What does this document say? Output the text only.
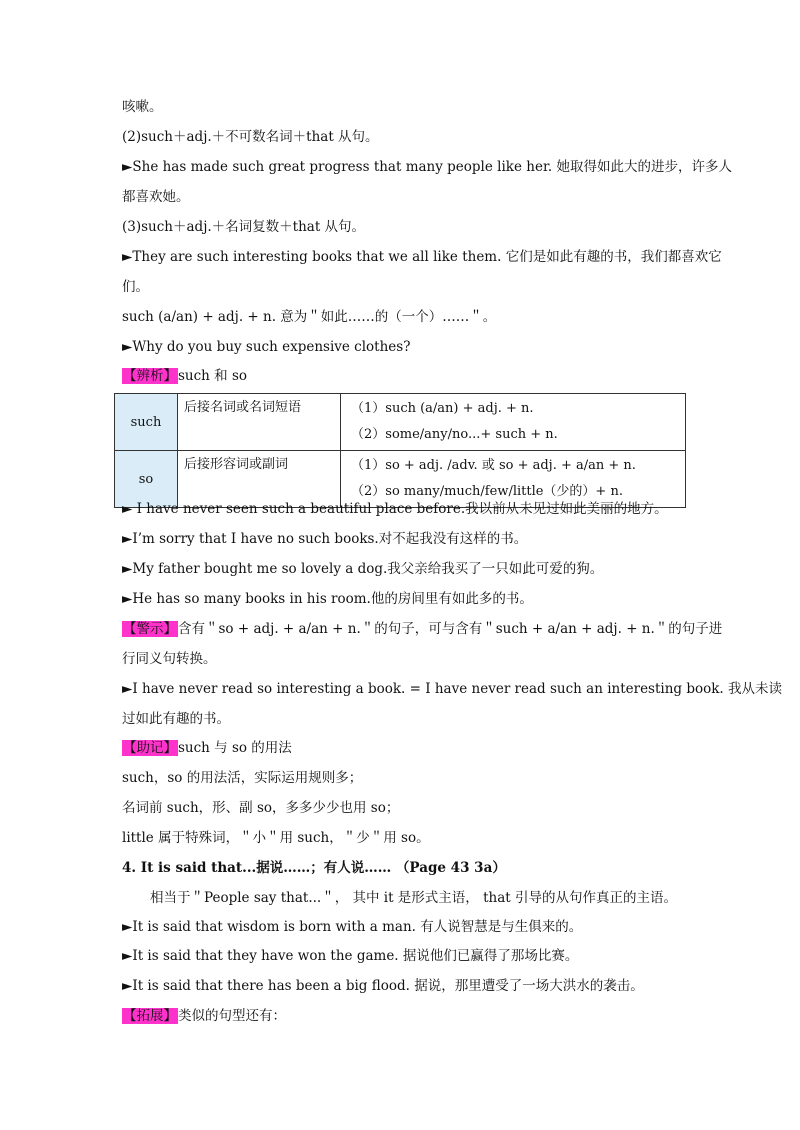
咳嗽。
(2)such＋adj.＋不可数名词＋that 从句。
►She has made such great progress that many people like her. 她取得如此大的进步，许多人
都喜欢她。
(3)such＋adj.＋名词复数＋that 从句。
►They are such interesting books that we all like them. 它们是如此有趣的书，我们都喜欢它
们。
such (a/an) + adj. + n. 意为＂如此……的（一个）……＂。
►Why do you buy such expensive clothes?
【辨析】such 和 so
such	后接名词或名词短语	（1）such (a/an) + adj. + n.
（2）some/any/no...+ such + n.

so	后接形容词或副词	（1）so + adj. /adv. 或 so + adj. + a/an + n.
（2）so many/much/few/little（少的）+ n.
► I have never seen such a beautiful place before.我以前从未见过如此美丽的地方。
►I’m sorry that I have no such books.对不起我没有这样的书。
►My father bought me so lovely a dog.我父亲给我买了一只如此可爱的狗。
►He has so many books in his room.他的房间里有如此多的书。
【警示】含有＂so + adj. + a/an + n.＂的句子，可与含有＂such + a/an + adj. + n.＂的句子进
行同义句转换。
►I have never read so interesting a book. = I have never read such an interesting book. 我从未读
过如此有趣的书。
【助记】such 与 so 的用法
such，so 的用法活，实际运用规则多；
名词前 such，形、副 so，多多少少也用 so；
little 属于特殊词，＂小＂用 such，＂少＂用 so。
4. It is said that...据说……；有人说…… （Page 43 3a）
相当于＂People say that...＂， 其中 it 是形式主语， that 引导的从句作真正的主语。
►It is said that wisdom is born with a man. 有人说智慧是与生俱来的。
►It is said that they have won the game. 据说他们已赢得了那场比赛。
►It is said that there has been a big flood. 据说，那里遭受了一场大洪水的袭击。
【拓展】类似的句型还有：
